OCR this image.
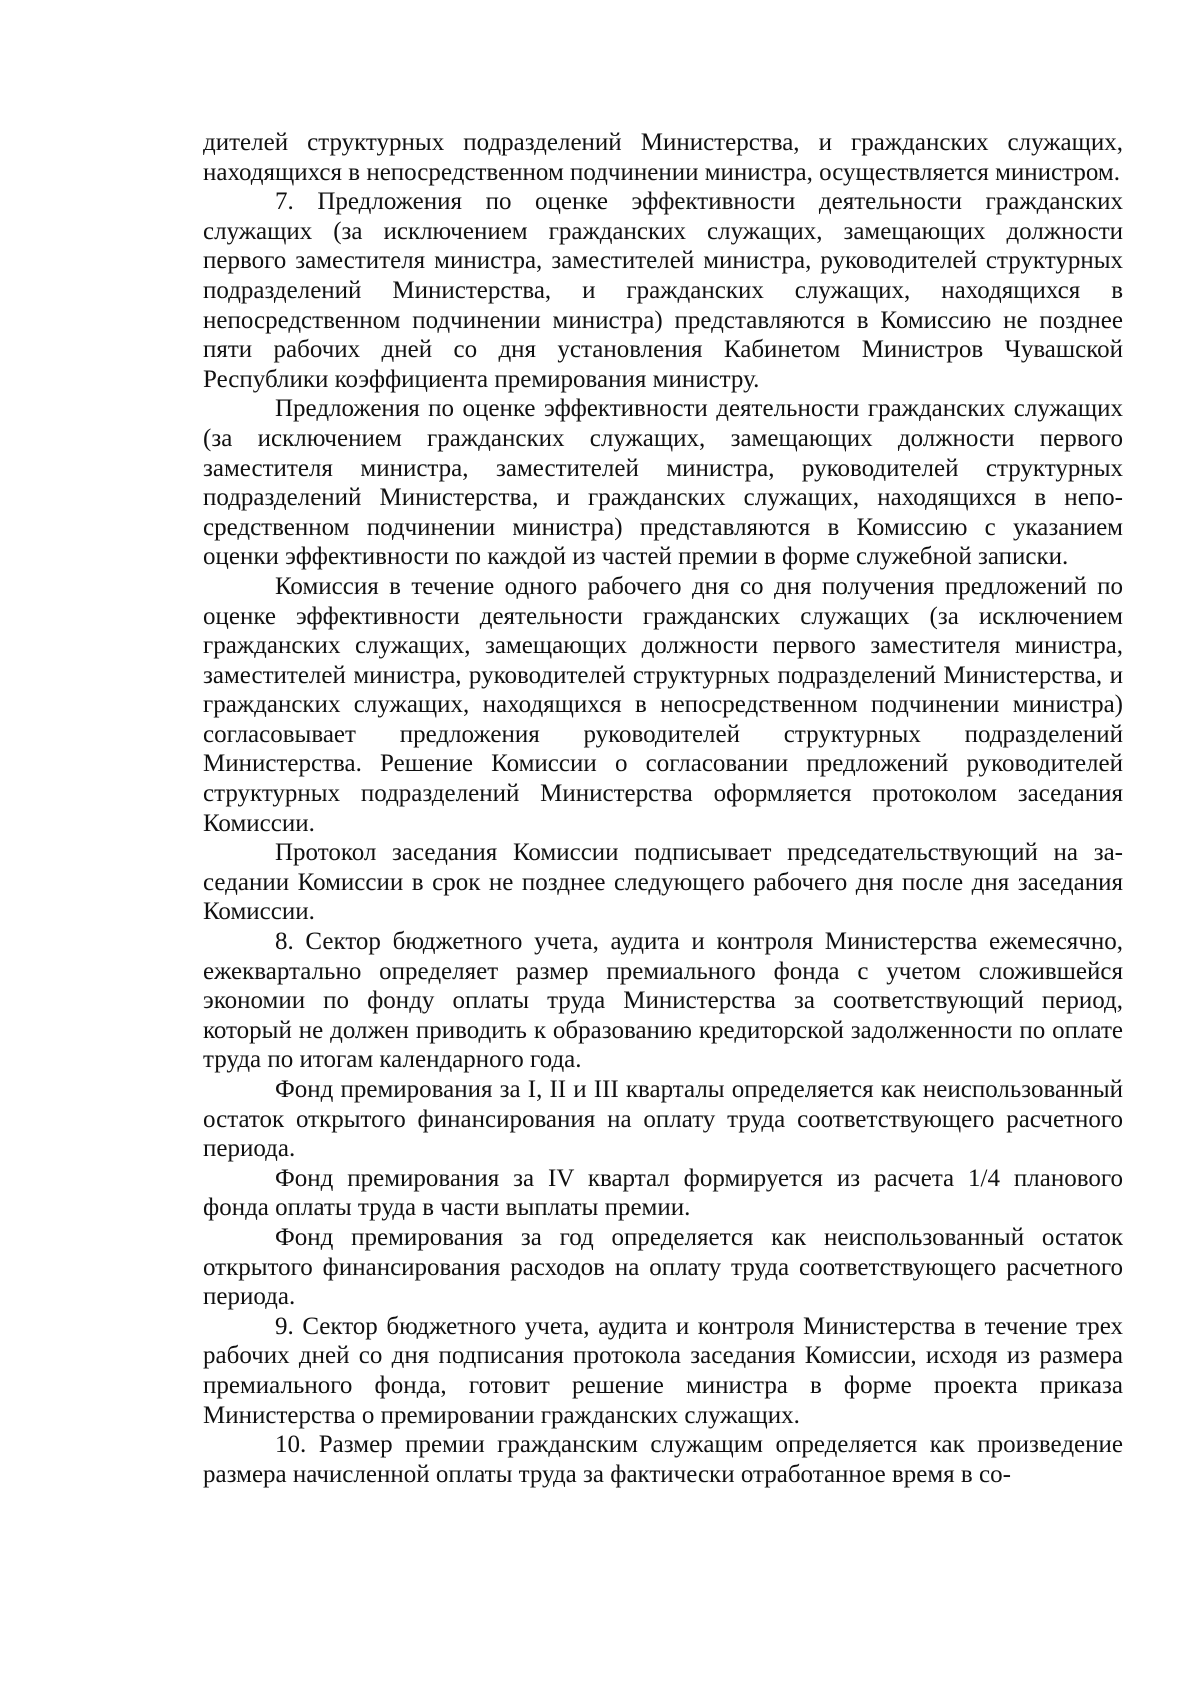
дителей структурных подразделений Министерства, и гражданских служащих, находящихся в непосредственном подчинении министра, осуществляется министром.

7. Предложения по оценке эффективности деятельности гражданских служащих (за исключением гражданских служащих, замещающих должности первого заместителя министра, заместителей министра, руководителей структурных подразделений Министерства, и гражданских служащих, находящихся в непосредственном подчинении министра) представляются в Комиссию не позднее пяти рабочих дней со дня установления Кабинетом Министров Чувашской Республики коэффициента премирования министру.

Предложения по оценке эффективности деятельности гражданских служащих (за исключением гражданских служащих, замещающих должности первого заместителя министра, заместителей министра, руководителей структурных подразделений Министерства, и гражданских служащих, находящихся в непосредственном подчинении министра) представляются в Комиссию с указанием оценки эффективности по каждой из частей премии в форме служебной записки.

Комиссия в течение одного рабочего дня со дня получения предложений по оценке эффективности деятельности гражданских служащих (за исключением гражданских служащих, замещающих должности первого заместителя министра, заместителей министра, руководителей структурных подразделений Министерства, и гражданских служащих, находящихся в непосредственном подчинении министра) согласовывает предложения руководителей структурных подразделений Министерства. Решение Комиссии о согласовании предложений руководителей структурных подразделений Министерства оформляется протоколом заседания Комиссии.

Протокол заседания Комиссии подписывает председательствующий на заседании Комиссии в срок не позднее следующего рабочего дня после дня заседания Комиссии.

8. Сектор бюджетного учета, аудита и контроля Министерства ежемесячно, ежеквартально определяет размер премиального фонда с учетом сложившейся экономии по фонду оплаты труда Министерства за соответствующий период, который не должен приводить к образованию кредиторской задолженности по оплате труда по итогам календарного года.

Фонд премирования за I, II и III кварталы определяется как неиспользованный остаток открытого финансирования на оплату труда соответствующего расчетного периода.

Фонд премирования за IV квартал формируется из расчета 1/4 планового фонда оплаты труда в части выплаты премии.

Фонд премирования за год определяется как неиспользованный остаток открытого финансирования расходов на оплату труда соответствующего расчетного периода.

9. Сектор бюджетного учета, аудита и контроля Министерства в течение трех рабочих дней со дня подписания протокола заседания Комиссии, исходя из размера премиального фонда, готовит решение министра в форме проекта приказа Министерства о премировании гражданских служащих.

10. Размер премии гражданским служащим определяется как произведение размера начисленной оплаты труда за фактически отработанное время в со-
